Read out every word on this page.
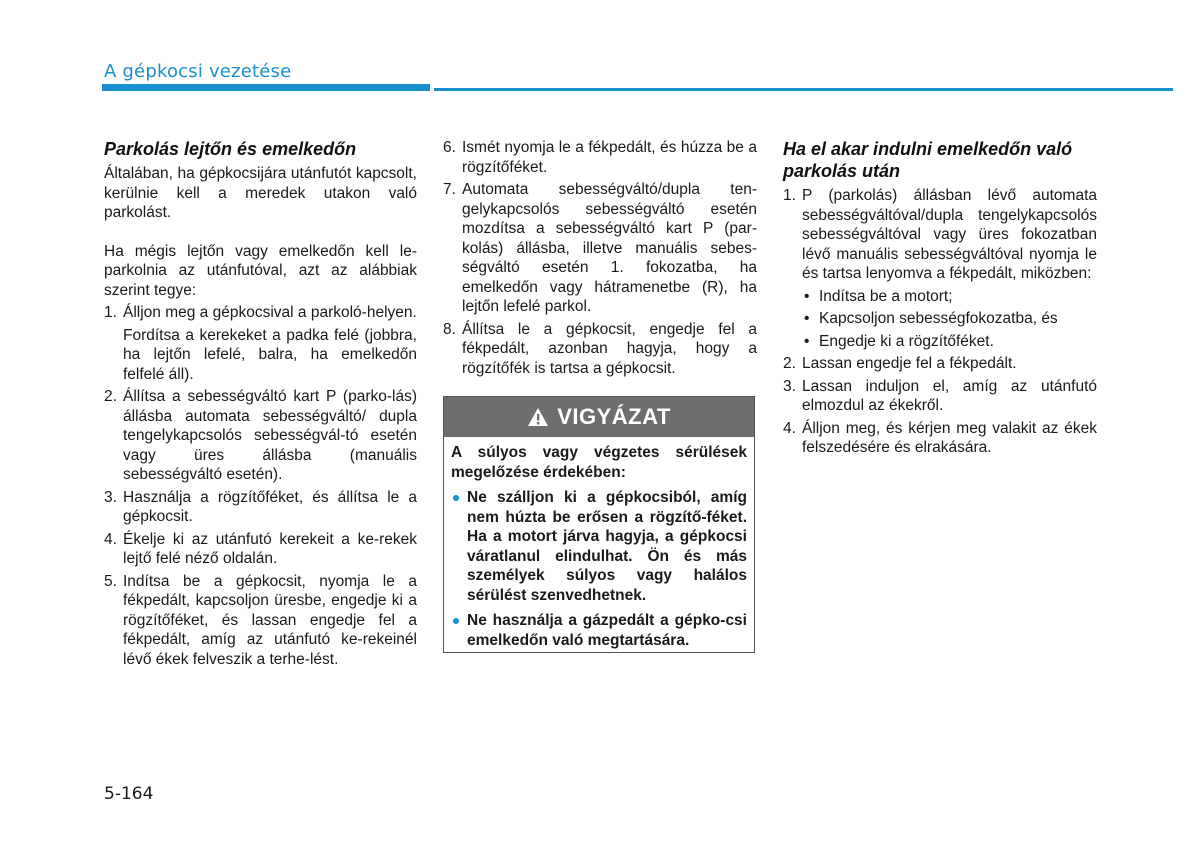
A gépkocsi vezetése
Parkolás lejtőn és emelkedőn

Általában, ha gépkocsijára utánfutót kapcsolt, kerülnie kell a meredek utakon való parkolást.

Ha mégis lejtőn vagy emelkedőn kell le-parkolnia az utánfutóval, azt az alábbiak szerint tegye:

1. Álljon meg a gépkocsival a parkoló-helyen.

Fordítsa a kerekeket a padka felé (jobbra, ha lejtőn lefelé, balra, ha emelkedőn felfelé áll).

2. Állítsa a sebességváltó kart P (parko-lás) állásba automata sebességváltó/ dupla tengelykapcsolós sebességvál-tó esetén vagy üres állásba (manuális sebességváltó esetén).

3. Használja a rögzítőféket, és állítsa le a gépkocsit.

4. Ékelje ki az utánfutó kerekeit a ke-rekek lejtő felé néző oldalán.

5. Indítsa be a gépkocsit, nyomja le a fékpedált, kapcsoljon üresbe, engedje ki a rögzítőféket, és lassan engedje fel a fékpedált, amíg az utánfutó ke-rekeinél lévő ékek felveszik a terhe-lést.

6. Ismét nyomja le a fékpedált, és húzza be a rögzítőféket.

7. Automata sebességváltó/dupla ten-gelykapcsolós sebességváltó esetén mozdítsa a sebességváltó kart P (par-kolás) állásba, illetve manuális sebes-ségváltó esetén 1. fokozatba, ha emelkedőn vagy hátramenetbe (R), ha lejtőn lefelé parkol.

8. Állítsa le a gépkocsit, engedje fel a fékpedált, azonban hagyja, hogy a rögzítőfék is tartsa a gépkocsit.

VIGYÁZAT

A súlyos vagy végzetes sérülések megelőzése érdekében:

Ne szálljon ki a gépkocsiból, amíg nem húzta be erősen a rögzítő-féket. Ha a motort járva hagyja, a gépkocsi váratlanul elindulhat. Ön és más személyek súlyos vagy halálos sérülést szenvedhetnek.
Ne használja a gázpedált a gépko-csi emelkedőn való megtartására.
Ha el akar indulni emelkedőn való parkolás után
1. P (parkolás) állásban lévő automata sebességváltóval/dupla tengelykapcsolós sebességváltóval vagy üres fokozatban lévő manuális sebességváltóval nyomja le és tartsa lenyomva a fékpedált, miközben:

• Indítsa be a motort;
• Kapcsoljon sebességfokozatba, és
• Engedje ki a rögzítőféket.
2. Lassan engedje fel a fékpedált.

3. Lassan induljon el, amíg az utánfutó elmozdul az ékekről.

4. Álljon meg, és kérjen meg valakit az ékek felszedésére és elrakására.

5-164
